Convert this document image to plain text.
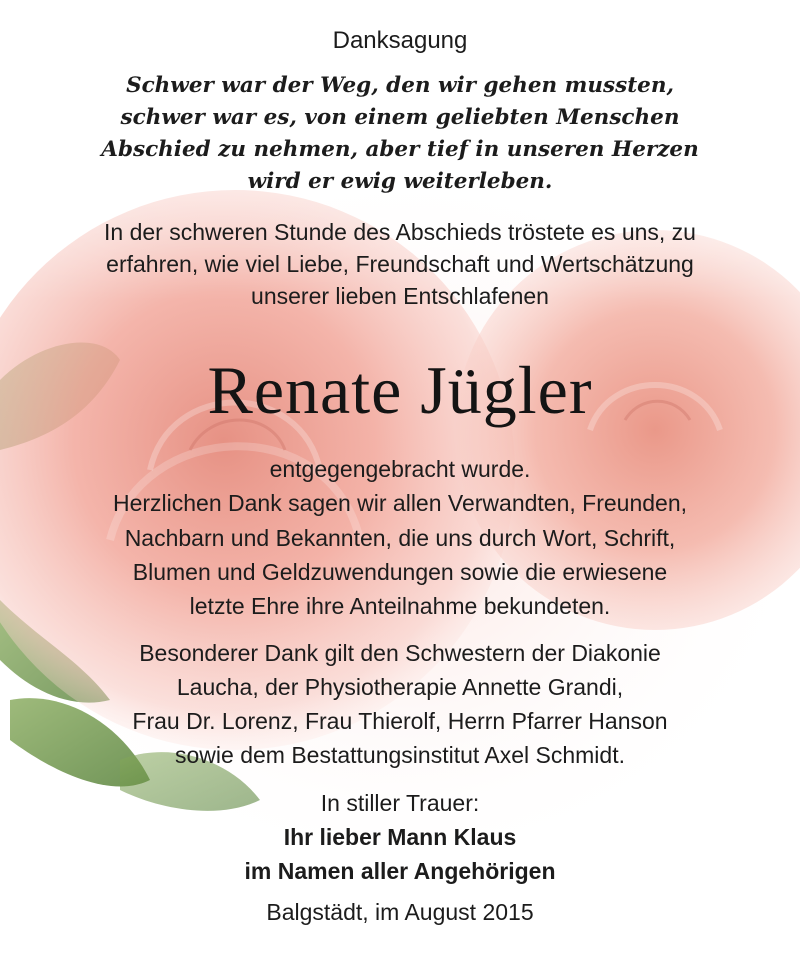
Danksagung
Schwer war der Weg, den wir gehen mussten,
schwer war es, von einem geliebten Menschen
Abschied zu nehmen, aber tief in unseren Herzen
wird er ewig weiterleben.
In der schweren Stunde des Abschieds tröstete es uns, zu
erfahren, wie viel Liebe, Freundschaft und Wertschätzung
unserer lieben Entschlafenen
Renate Jügler
entgegengebracht wurde.
Herzlichen Dank sagen wir allen Verwandten, Freunden,
Nachbarn und Bekannten, die uns durch Wort, Schrift,
Blumen und Geldzuwendungen sowie die erwiesene
letzte Ehre ihre Anteilnahme bekundeten.
Besonderer Dank gilt den Schwestern der Diakonie
Laucha, der Physiotherapie Annette Grandi,
Frau Dr. Lorenz, Frau Thierolf, Herrn Pfarrer Hanson
sowie dem Bestattungsinstitut Axel Schmidt.
In stiller Trauer:
Ihr lieber Mann Klaus
im Namen aller Angehörigen
Balgstädt, im August 2015
